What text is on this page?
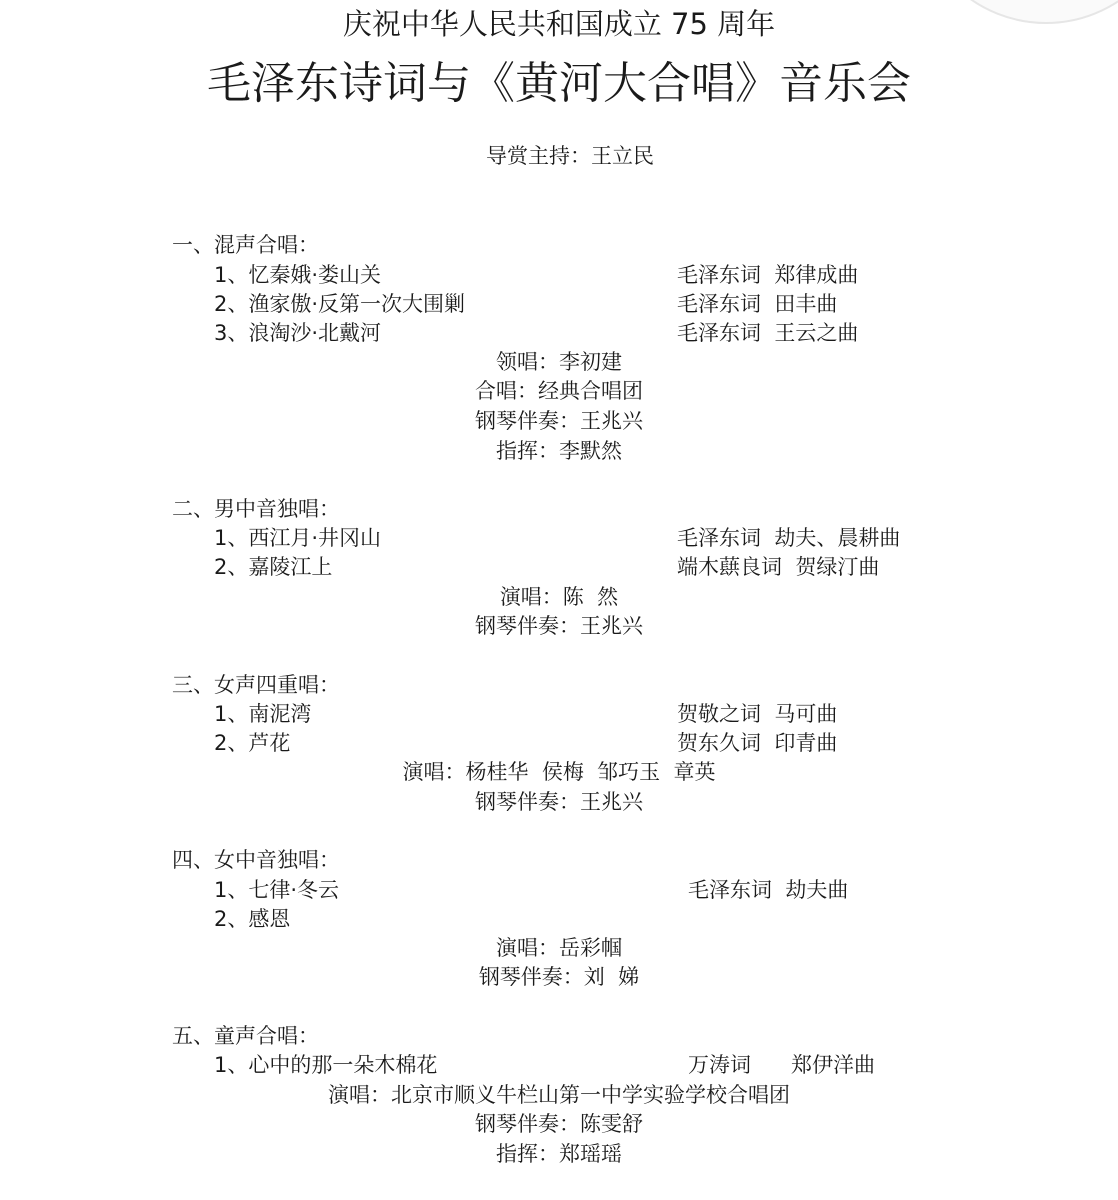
庆祝中华人民共和国成立 75 周年
毛泽东诗词与《黄河大合唱》音乐会
导赏主持：王立民
一、混声合唱：
1、忆秦娥·娄山关	毛泽东词  郑律成曲
2、渔家傲·反第一次大围剿	毛泽东词  田丰曲
3、浪淘沙·北戴河	毛泽东词  王云之曲
领唱：李初建
合唱：经典合唱团
钢琴伴奏：王兆兴
指挥：李默然
二、男中音独唱：
1、西江月·井冈山	毛泽东词  劫夫、晨耕曲
2、嘉陵江上	端木蕻良词  贺绿汀曲
演唱：陈  然
钢琴伴奏：王兆兴
三、女声四重唱：
1、南泥湾	贺敬之词  马可曲
2、芦花	贺东久词  印青曲
演唱：杨桂华  侯梅  邹巧玉  章英
钢琴伴奏：王兆兴
四、女中音独唱：
1、七律·冬云	毛泽东词  劫夫曲
2、感恩
演唱：岳彩帼
钢琴伴奏：刘  娣
五、童声合唱：
1、心中的那一朵木棉花	万涛词      郑伊洋曲
演唱：北京市顺义牛栏山第一中学实验学校合唱团
钢琴伴奏：陈雯舒
指挥：郑瑶瑶
